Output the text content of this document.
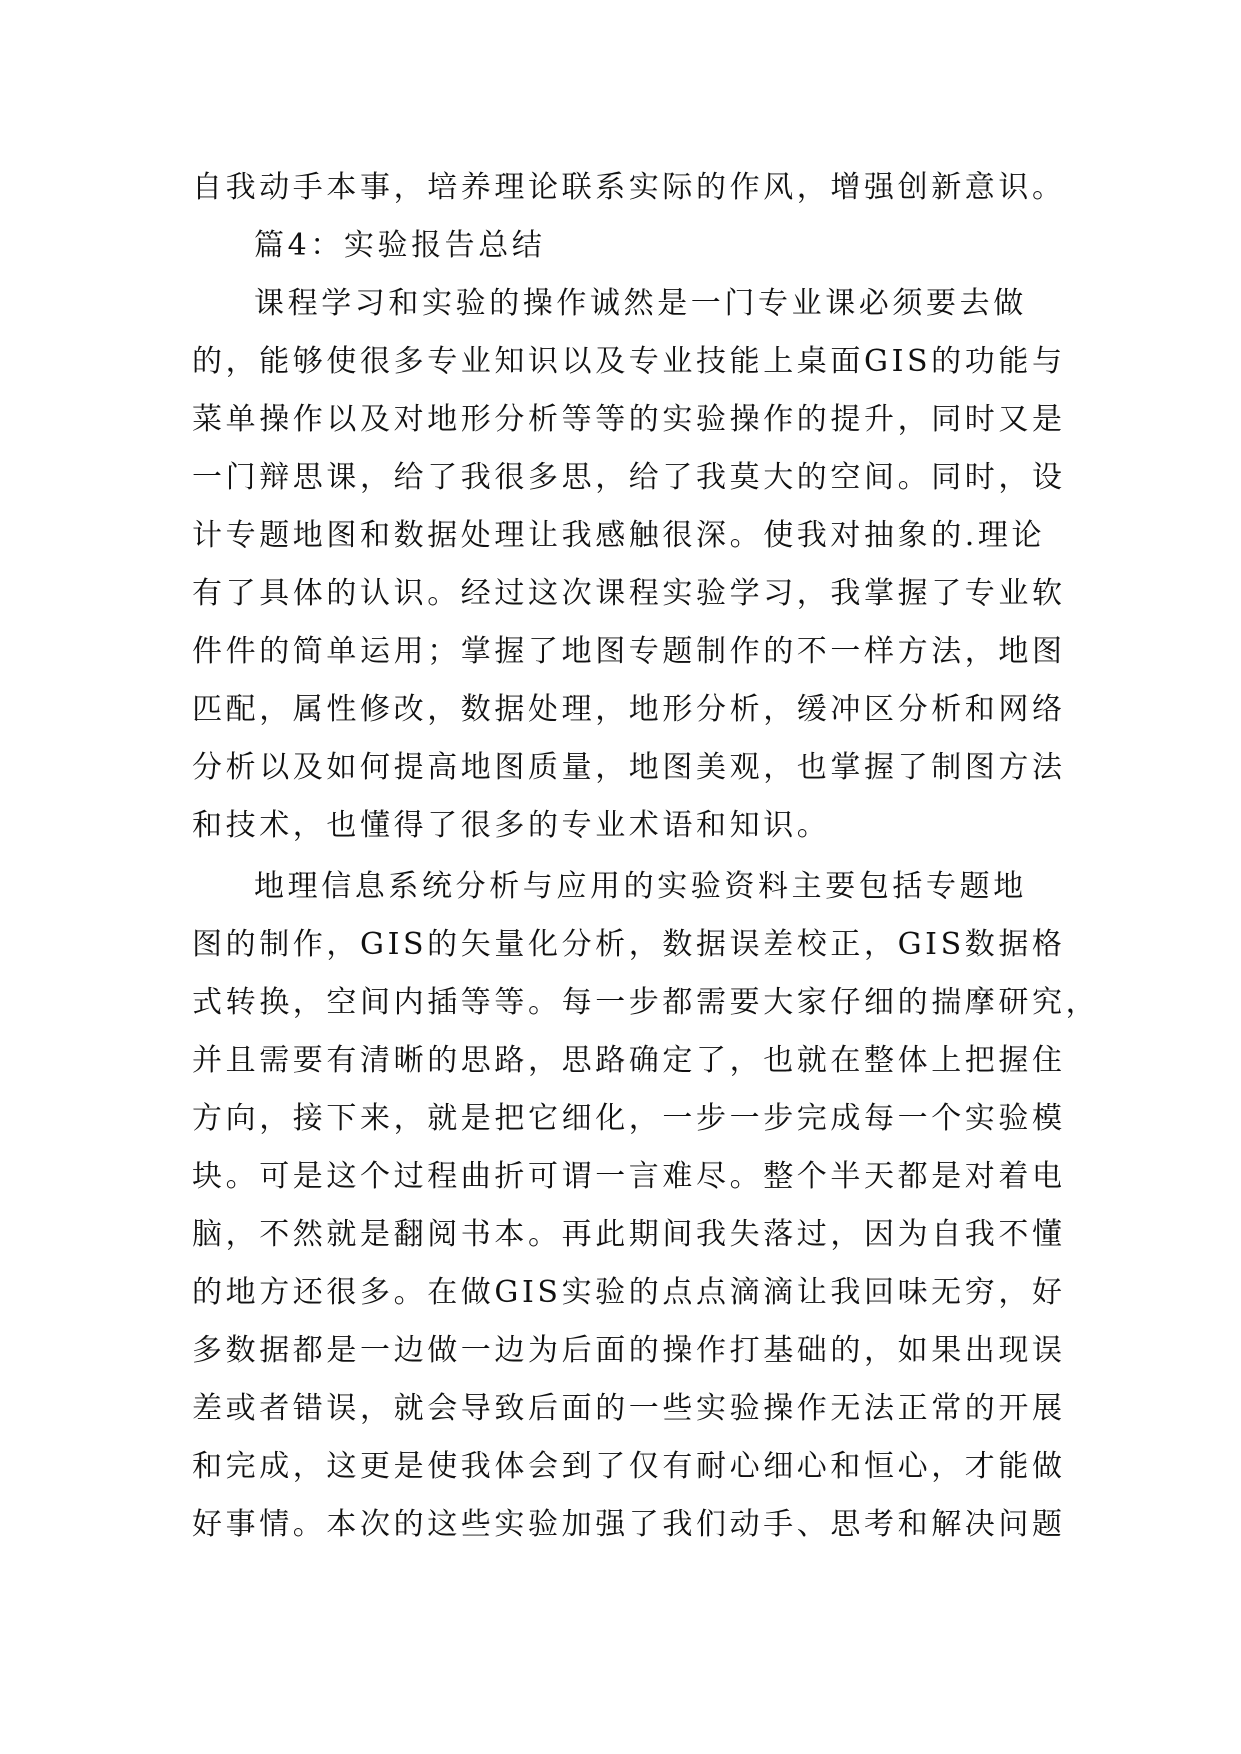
自我动手本事，培养理论联系实际的作风，增强创新意识。
篇4：实验报告总结
课程学习和实验的操作诚然是一门专业课必须要去做
的，能够使很多专业知识以及专业技能上桌面GIS的功能与
菜单操作以及对地形分析等等的实验操作的提升，同时又是
一门辩思课，给了我很多思，给了我莫大的空间。同时，设
计专题地图和数据处理让我感触很深。使我对抽象的.理论
有了具体的认识。经过这次课程实验学习，我掌握了专业软
件件的简单运用；掌握了地图专题制作的不一样方法，地图
匹配，属性修改，数据处理，地形分析，缓冲区分析和网络
分析以及如何提高地图质量，地图美观，也掌握了制图方法
和技术，也懂得了很多的专业术语和知识。
地理信息系统分析与应用的实验资料主要包括专题地
图的制作，GIS的矢量化分析，数据误差校正，GIS数据格
式转换，空间内插等等。每一步都需要大家仔细的揣摩研究，
并且需要有清晰的思路，思路确定了，也就在整体上把握住
方向，接下来，就是把它细化，一步一步完成每一个实验模
块。可是这个过程曲折可谓一言难尽。整个半天都是对着电
脑，不然就是翻阅书本。再此期间我失落过，因为自我不懂
的地方还很多。在做GIS实验的点点滴滴让我回味无穷，好
多数据都是一边做一边为后面的操作打基础的，如果出现误
差或者错误，就会导致后面的一些实验操作无法正常的开展
和完成，这更是使我体会到了仅有耐心细心和恒心，才能做
好事情。本次的这些实验加强了我们动手、思考和解决问题
